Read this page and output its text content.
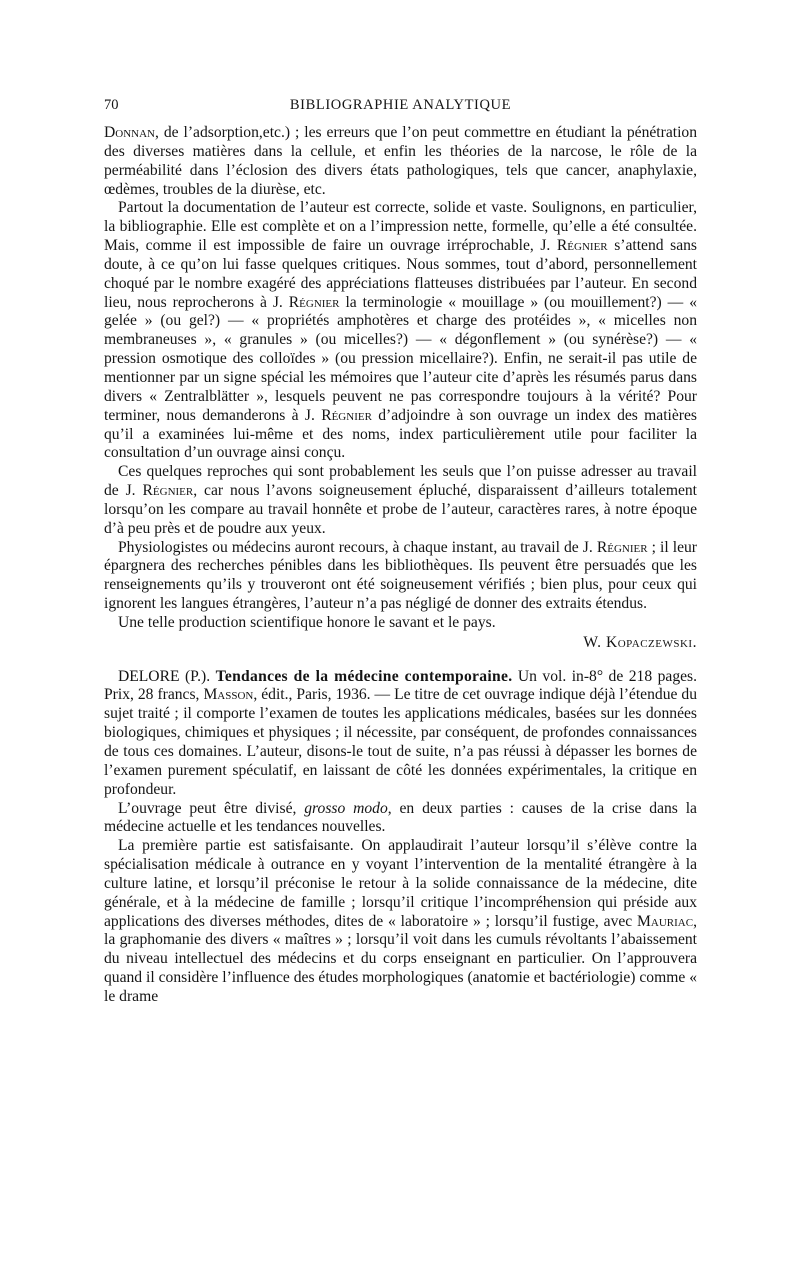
70	BIBLIOGRAPHIE ANALYTIQUE

Donnan, de l’adsorption,etc.) ; les erreurs que l’on peut commettre en étudiant la pénétration des diverses matières dans la cellule, et enfin les théories de la narcose, le rôle de la perméabilité dans l’éclosion des divers états pathologiques, tels que cancer, anaphylaxie, œdèmes, troubles de la diurèse, etc.

Partout la documentation de l’auteur est correcte, solide et vaste. Soulignons, en particulier, la bibliographie. Elle est complète et on a l’impression nette, formelle, qu’elle a été consultée. Mais, comme il est impossible de faire un ouvrage irréprochable, J. Régnier s’attend sans doute, à ce qu’on lui fasse quelques critiques. Nous sommes, tout d’abord, personnellement choqué par le nombre exagéré des appréciations flatteuses distribuées par l’auteur. En second lieu, nous reprocherons à J. Régnier la terminologie « mouillage » (ou mouillement?) — « gelée » (ou gel?) — « propriétés amphotères et charge des protéides », « micelles non membraneuses », « granules » (ou micelles?) — « dégonflement » (ou synérèse?) — « pression osmotique des colloïdes » (ou pression micellaire?). Enfin, ne serait-il pas utile de mentionner par un signe spécial les mémoires que l’auteur cite d’après les résumés parus dans divers « Zentralblätter », lesquels peuvent ne pas correspondre toujours à la vérité? Pour terminer, nous demanderons à J. Régnier d’adjoindre à son ouvrage un index des matières qu’il a examinées lui-même et des noms, index particulièrement utile pour faciliter la consultation d’un ouvrage ainsi conçu.

Ces quelques reproches qui sont probablement les seuls que l’on puisse adresser au travail de J. Régnier, car nous l’avons soigneusement épluché, disparaissent d’ailleurs totalement lorsqu’on les compare au travail honnête et probe de l’auteur, caractères rares, à notre époque d’à peu près et de poudre aux yeux.

Physiologistes ou médecins auront recours, à chaque instant, au travail de J. Régnier ; il leur épargnera des recherches pénibles dans les bibliothèques. Ils peuvent être persuadés que les renseignements qu’ils y trouveront ont été soigneusement vérifiés ; bien plus, pour ceux qui ignorent les langues étrangères, l’auteur n’a pas négligé de donner des extraits étendus.

Une telle production scientifique honore le savant et le pays.

W. Kopaczewski.

DELORE (P.). Tendances de la médecine contemporaine. Un vol. in-8° de 218 pages. Prix, 28 francs, Masson, édit., Paris, 1936. — Le titre de cet ouvrage indique déjà l’étendue du sujet traité ; il comporte l’examen de toutes les applications médicales, basées sur les données biologiques, chimiques et physiques ; il nécessite, par conséquent, de profondes connaissances de tous ces domaines. L’auteur, disons-le tout de suite, n’a pas réussi à dépasser les bornes de l’examen purement spéculatif, en laissant de côté les données expérimentales, la critique en profondeur.

L’ouvrage peut être divisé, grosso modo, en deux parties : causes de la crise dans la médecine actuelle et les tendances nouvelles.

La première partie est satisfaisante. On applaudirait l’auteur lorsqu’il s’élève contre la spécialisation médicale à outrance en y voyant l’intervention de la mentalité étrangère à la culture latine, et lorsqu’il préconise le retour à la solide connaissance de la médecine, dite générale, et à la médecine de famille ; lorsqu’il critique l’incompréhension qui préside aux applications des diverses méthodes, dites de « laboratoire » ; lorsqu’il fustige, avec Mauriac, la graphomanie des divers « maîtres » ; lorsqu’il voit dans les cumuls révoltants l’abaissement du niveau intellectuel des médecins et du corps enseignant en particulier. On l’approuvera quand il considère l’influence des études morphologiques (anatomie et bactériologie) comme « le drame
